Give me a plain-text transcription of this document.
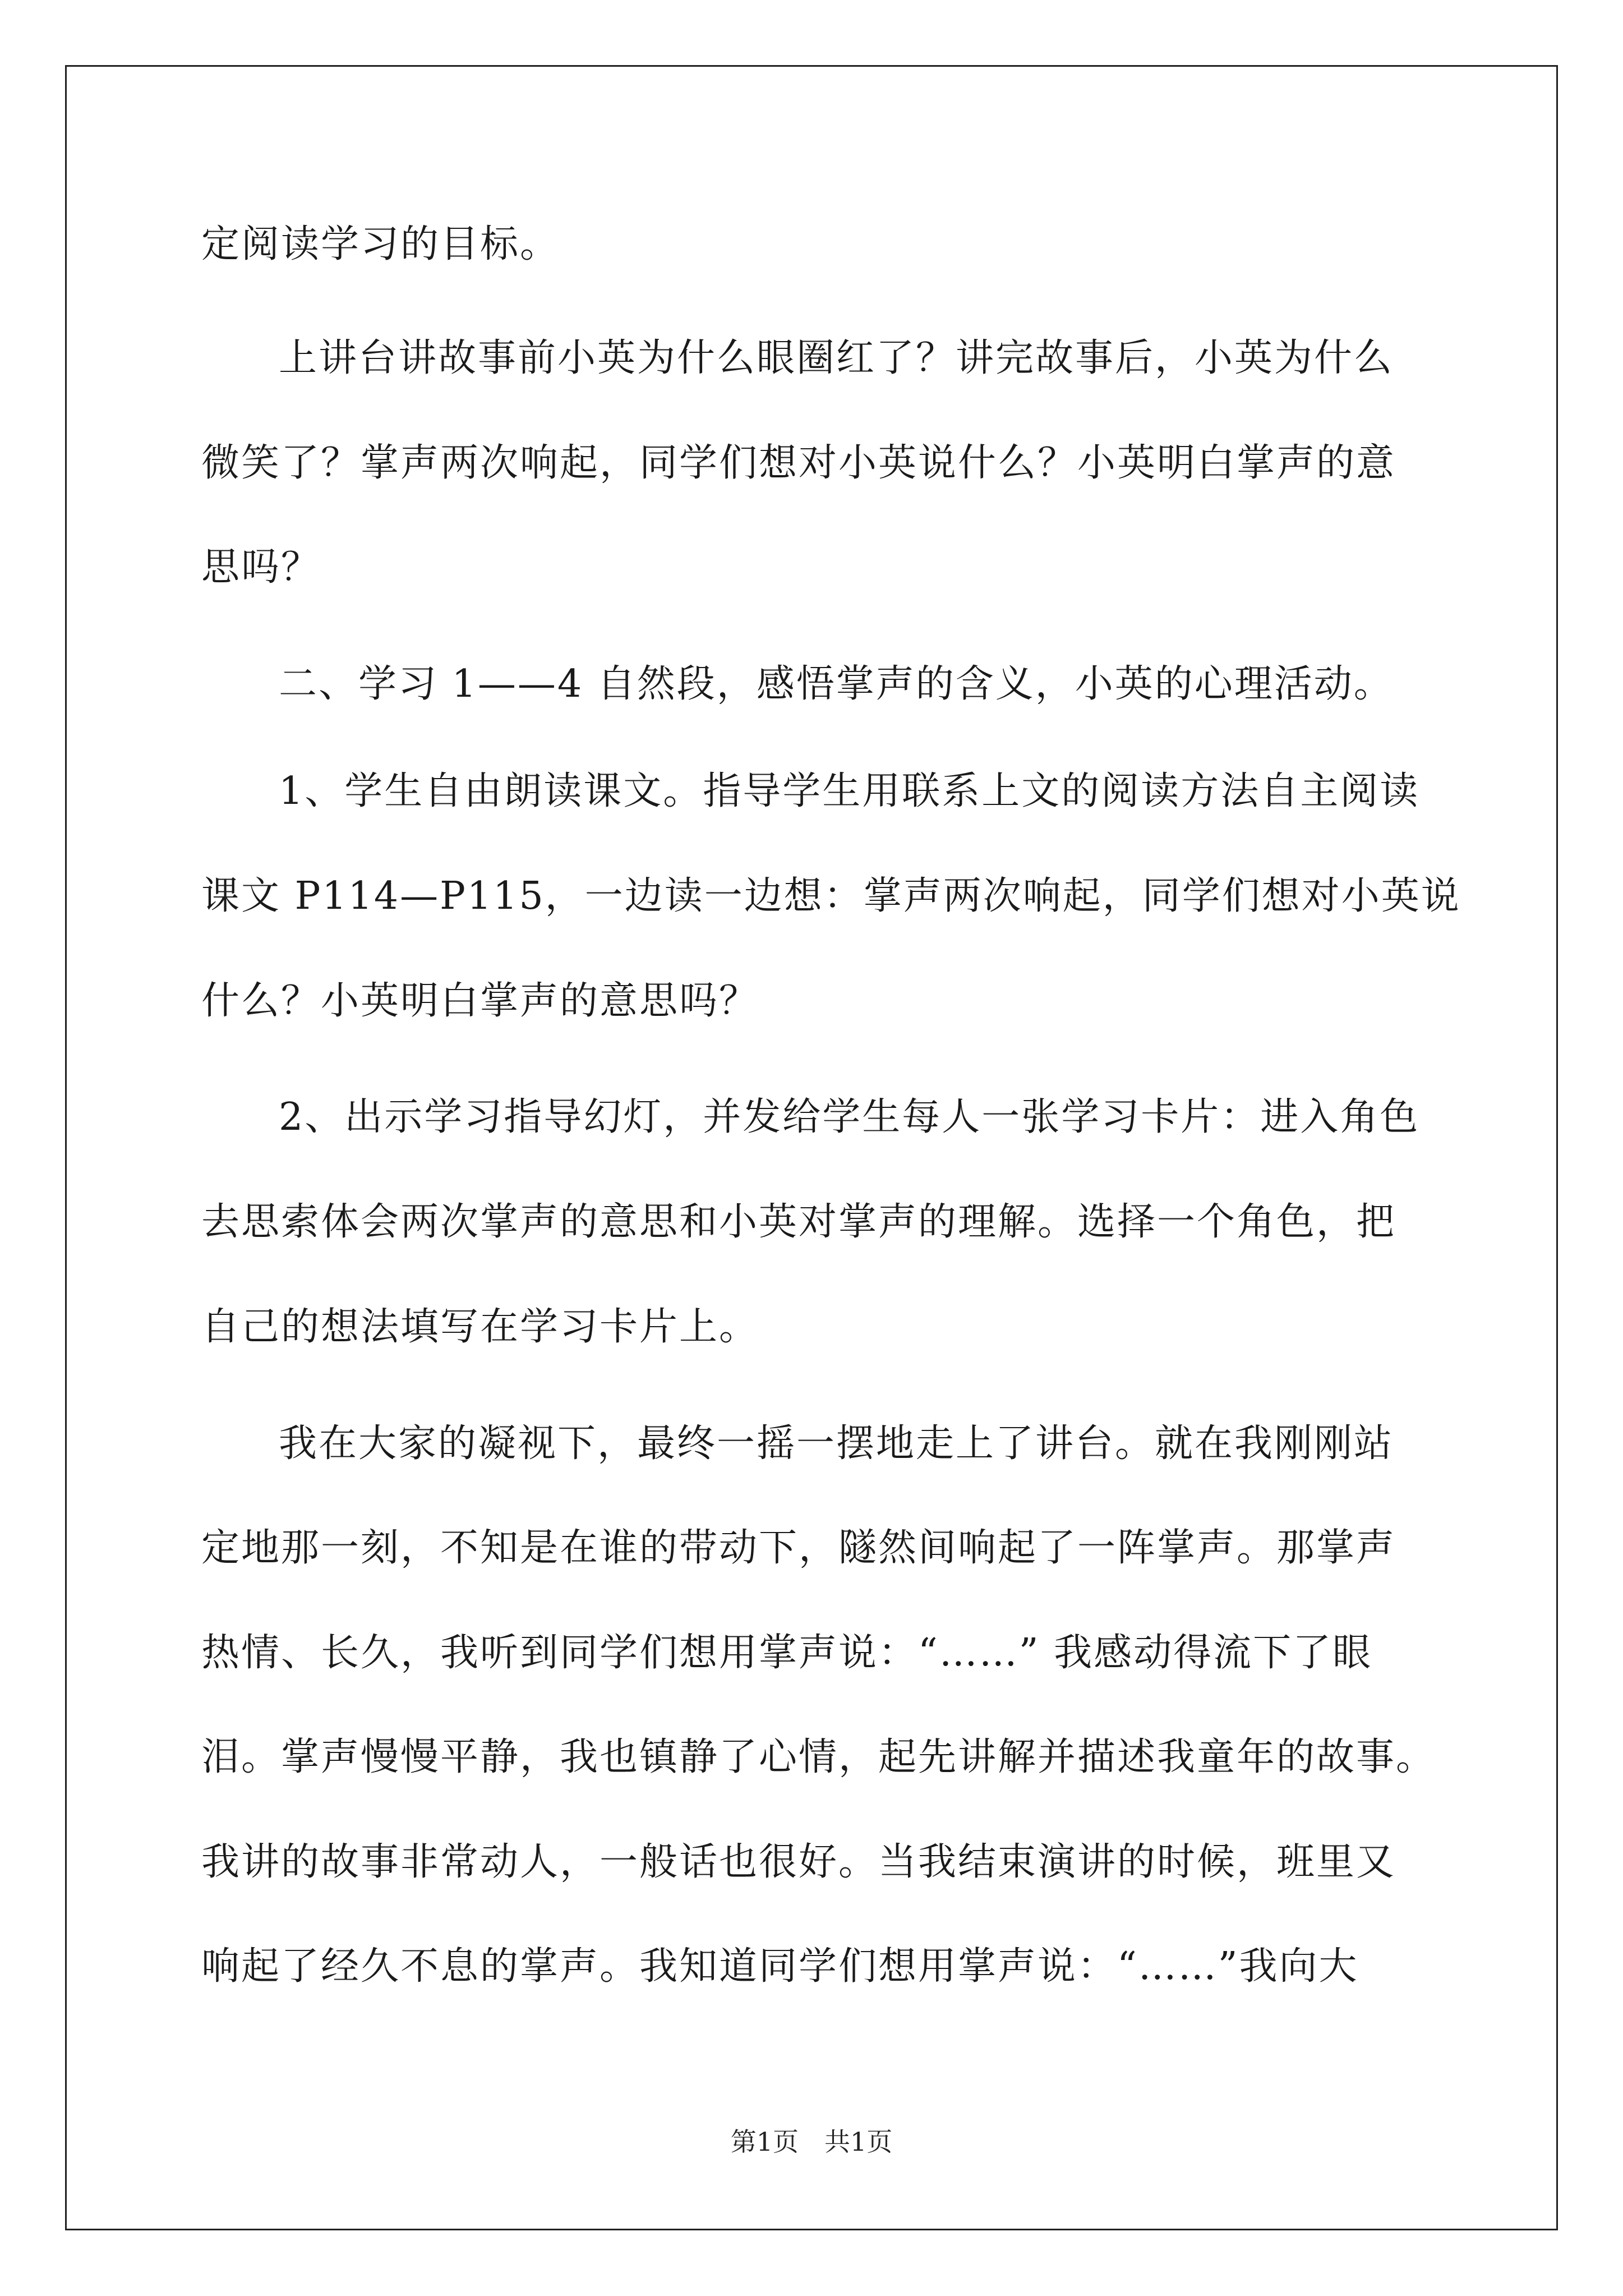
定阅读学习的目标。
上讲台讲故事前小英为什么眼圈红了？讲完故事后，小英为什么
微笑了？掌声两次响起，同学们想对小英说什么？小英明白掌声的意
思吗？
二、学习 1——4 自然段，感悟掌声的含义，小英的心理活动。
1、学生自由朗读课文。指导学生用联系上文的阅读方法自主阅读
课文 P114—P115，一边读一边想：掌声两次响起，同学们想对小英说
什么？小英明白掌声的意思吗？
2、出示学习指导幻灯，并发给学生每人一张学习卡片：进入角色
去思索体会两次掌声的意思和小英对掌声的理解。选择一个角色，把
自己的想法填写在学习卡片上。
我在大家的凝视下，最终一摇一摆地走上了讲台。就在我刚刚站
定地那一刻，不知是在谁的带动下，隧然间响起了一阵掌声。那掌声
热情、长久，我听到同学们想用掌声说：“……” 我感动得流下了眼
泪。掌声慢慢平静，我也镇静了心情，起先讲解并描述我童年的故事。
我讲的故事非常动人，一般话也很好。当我结束演讲的时候，班里又
响起了经久不息的掌声。我知道同学们想用掌声说：“……”我向大
第1页　共1页
